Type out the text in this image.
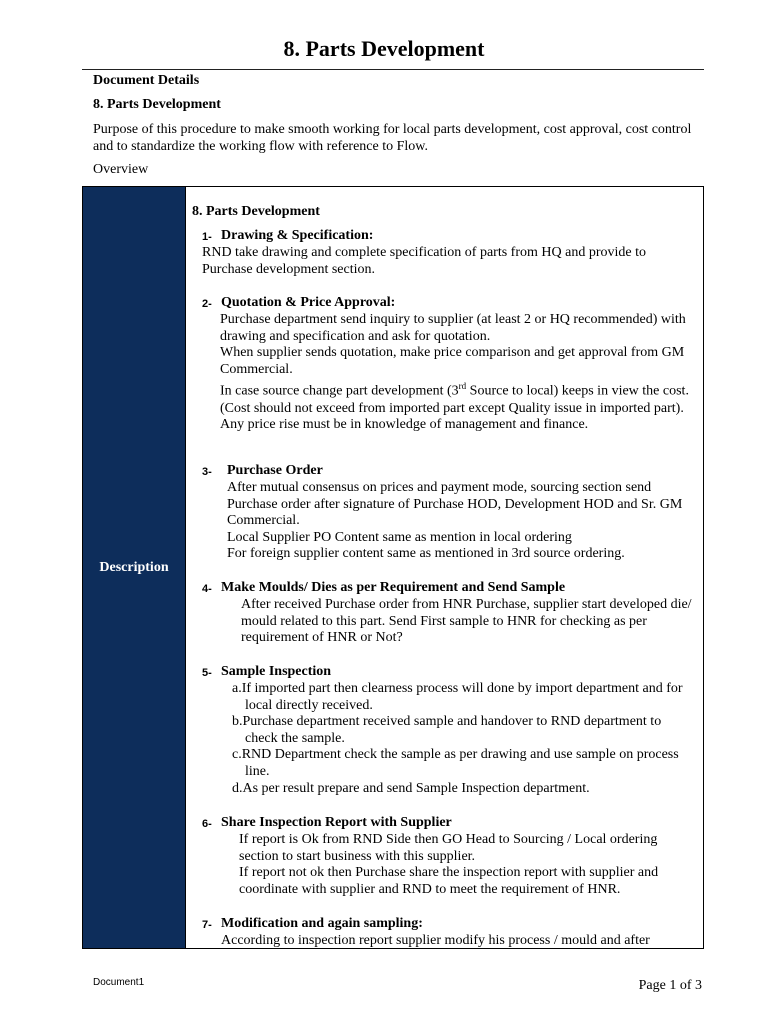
8. Parts Development

Document Details

8. Parts Development

Purpose of this procedure to make smooth working for local parts development, cost approval, cost control and to standardize the working flow with reference to Flow.

Overview

Description
8. Parts Development
1- Drawing & Specification:

RND take drawing and complete specification of parts from HQ and provide to Purchase development section.

2- Quotation & Price Approval:

Purchase department send inquiry to supplier (at least 2 or HQ recommended) with drawing and specification and ask for quotation.

When supplier sends quotation, make price comparison and get approval from GM Commercial.

In case source change part development (3rd Source to local) keeps in view the cost. (Cost should not exceed from imported part except Quality issue in imported part).

Any price rise must be in knowledge of management and finance.

3- Purchase Order

After mutual consensus on prices and payment mode, sourcing section send Purchase order after signature of Purchase HOD, Development HOD and Sr. GM Commercial.

Local Supplier PO Content same as mention in local ordering

For foreign supplier content same as mentioned in 3rd source ordering.

4- Make Moulds/ Dies as per Requirement and Send Sample

After received Purchase order from HNR Purchase, supplier start developed die/ mould related to this part. Send First sample to HNR for checking as per requirement of HNR or Not?

5- Sample Inspection

a.If imported part then clearness process will done by import department and for local directly received.

b.Purchase department received sample and handover to RND department to check the sample.

c.RND Department check the sample as per drawing and use sample on process line.

d.As per result prepare and send Sample Inspection department.

6- Share Inspection Report with Supplier

If report is Ok from RND Side then GO Head to Sourcing / Local ordering section to start business with this supplier.

If report not ok then Purchase share the inspection report with supplier and coordinate with supplier and RND to meet the requirement of HNR.

7- Modification and again sampling:

According to inspection report supplier modify his process / mould and after

Document1	Page 1 of 3
